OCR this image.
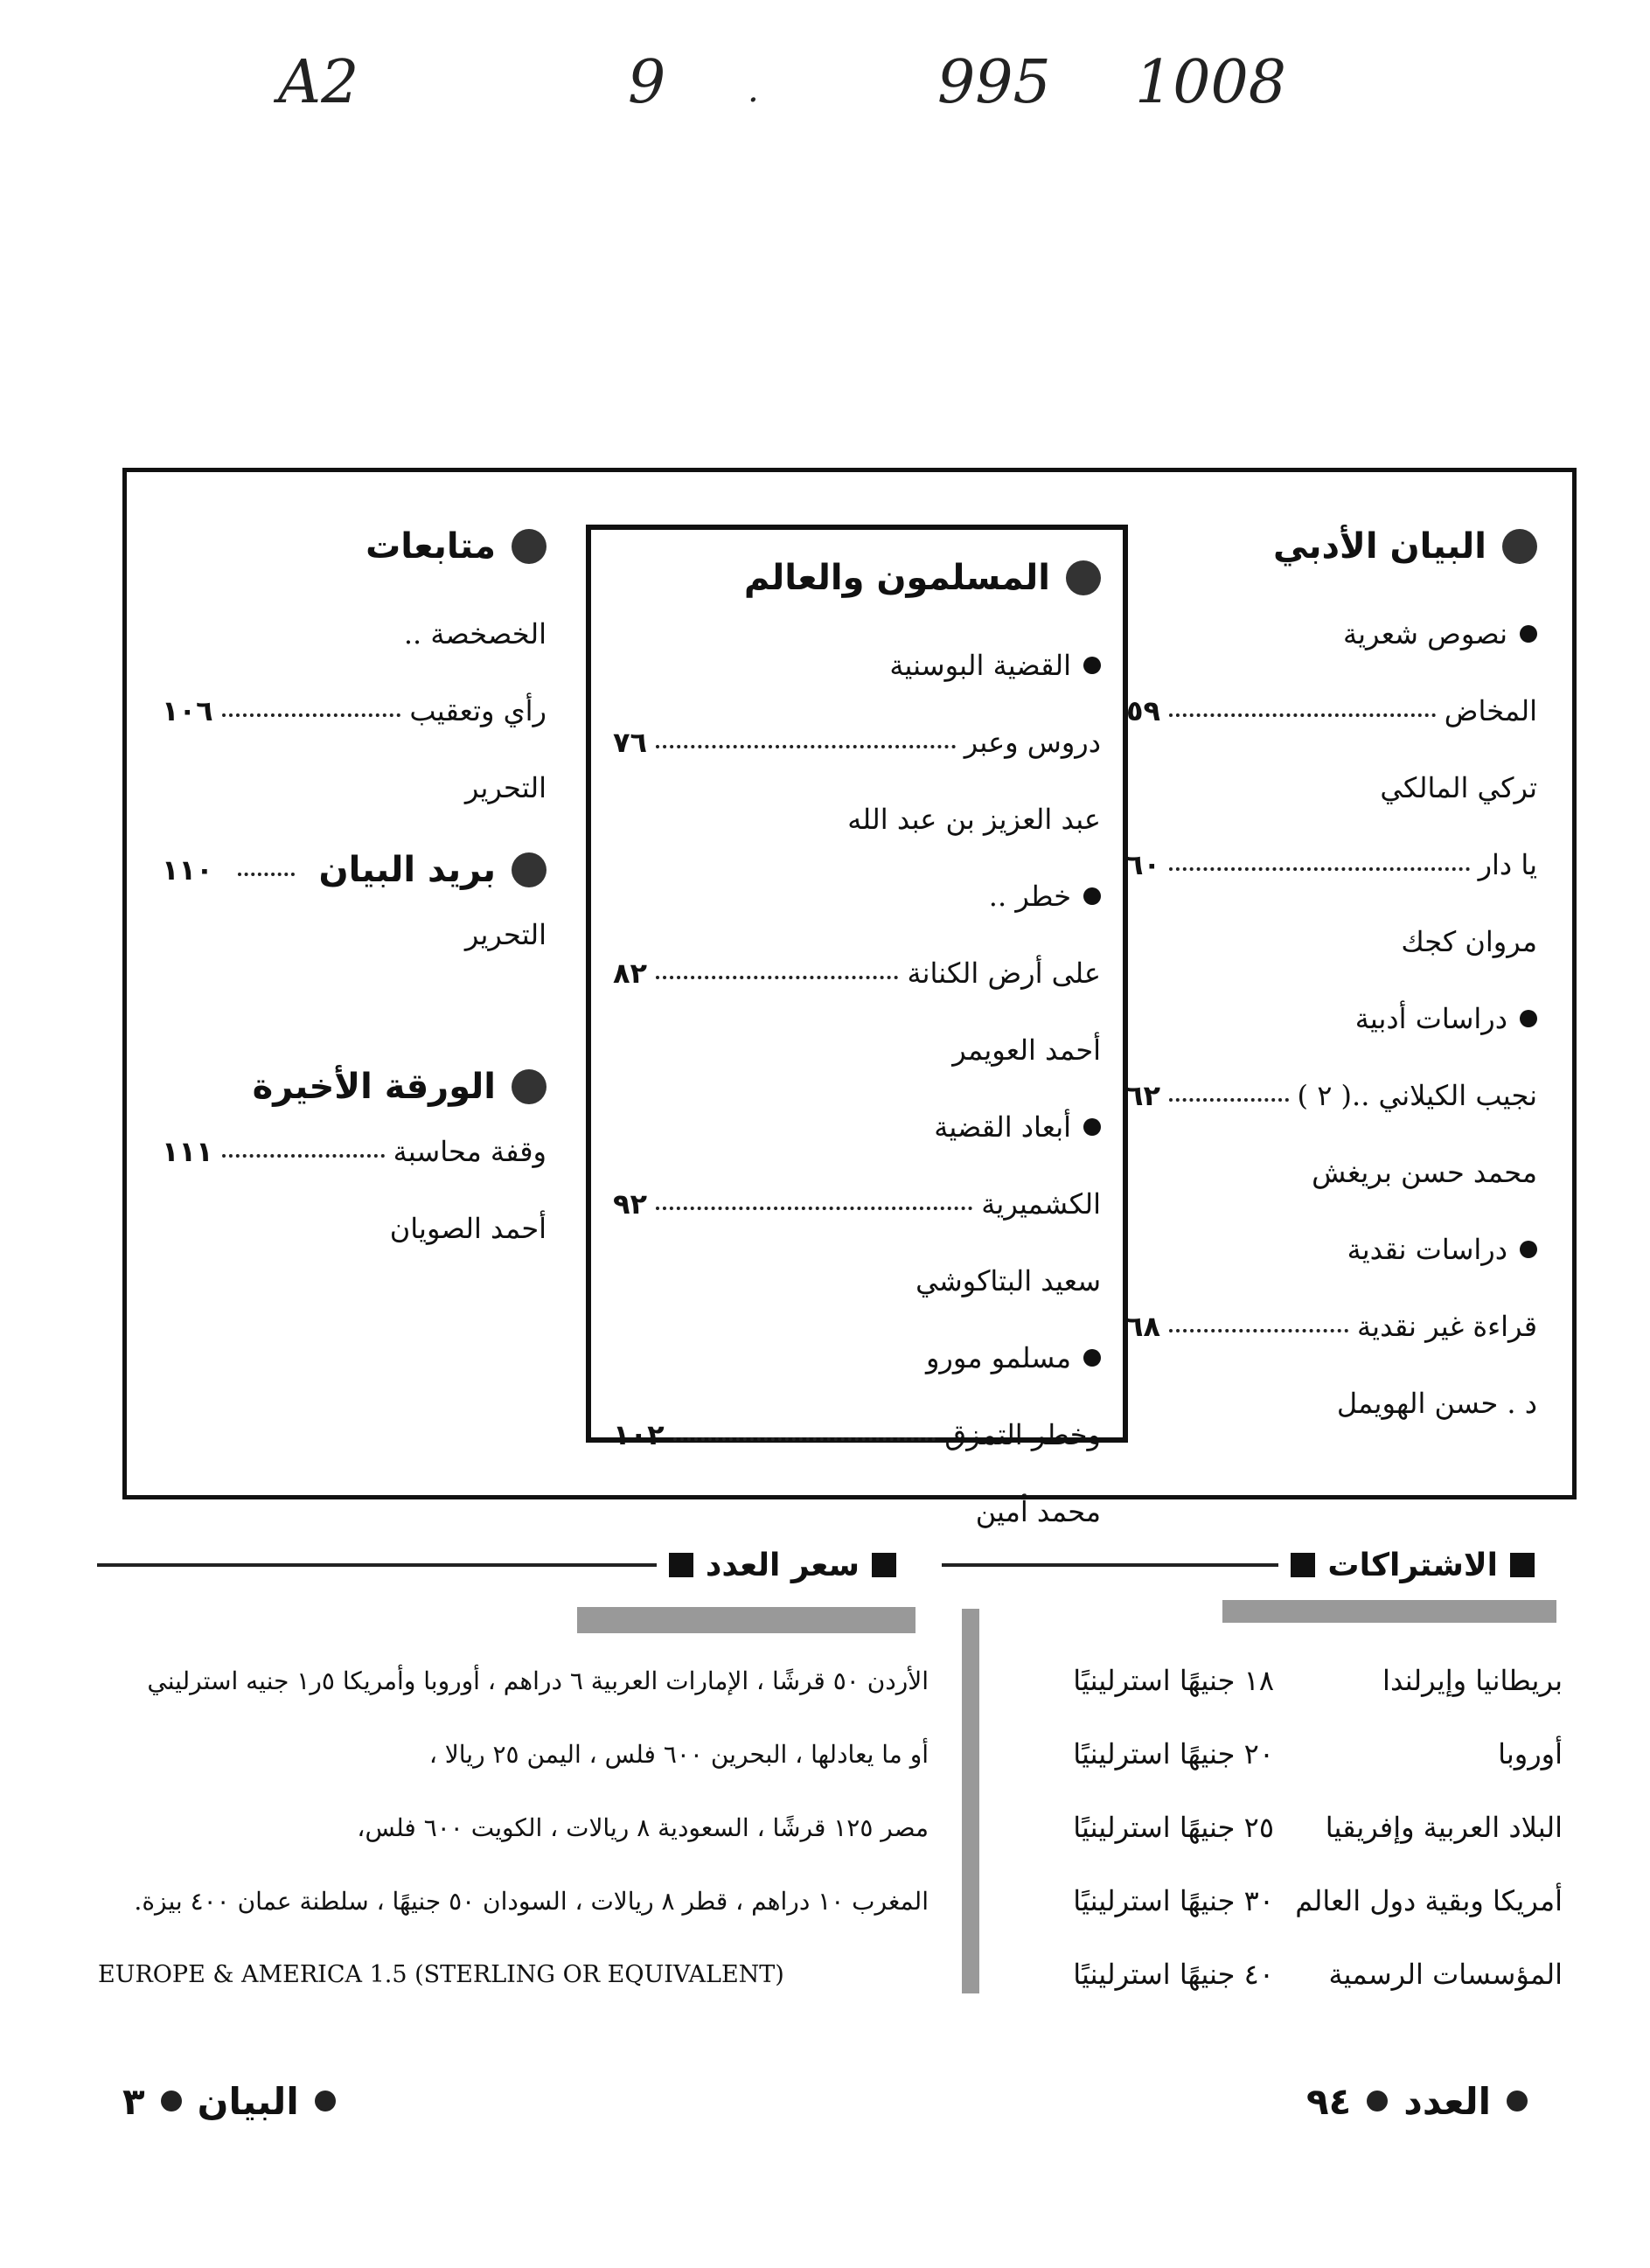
A2	9 .	995 1008
البيان الأدبي
نصوص شعرية
المخاض
٥٩
تركي المالكي
يا دار
٦٠
مروان كجك
دراسات أدبية
نجيب الكيلاني ..( ٢ )
٦٢
محمد حسن بريغش
دراسات نقدية
قراءة غير نقدية
٦٨
د . حسن الهويمل
المسلمون والعالم
القضية البوسنية
دروس وعبر
٧٦
عبد العزيز بن عبد الله
خطر ..
على أرض الكنانة
٨٢
أحمد العويمر
أبعاد القضية
الكشميرية
٩٢
سعيد البتاكوشي
مسلمو مورو
وخطر التمزق
١٠٢
محمد أمين
متابعات
الخصخصة ..
رأي وتعقيب
١٠٦
التحرير
بريد البيان
١١٠
التحرير
الورقة الأخيرة
وقفة محاسبة
١١١
أحمد الصويان
الاشتراكات
سعر العدد
بريطانيا وإيرلندا
١٨ جنيهًا استرلينيًا
أوروبا
٢٠ جنيهًا استرلينيًا
البلاد العربية وإفريقيا
٢٥ جنيهًا استرلينيًا
أمريكا وبقية دول العالم
٣٠ جنيهًا استرلينيًا
المؤسسات الرسمية
٤٠ جنيهًا استرلينيًا
الأردن ٥٠ قرشًا ، الإمارات العربية ٦ دراهم ، أوروبا وأمريكا ٥ر١ جنيه استرليني
أو ما يعادلها ، البحرين ٦٠٠ فلس ، اليمن ٢٥ ريالا ،
مصر ١٢٥ قرشًا ، السعودية ٨ ريالات ، الكويت ٦٠٠ فلس،
المغرب ١٠ دراهم ، قطر ٨ ريالات ، السودان ٥٠ جنيهًا ، سلطنة عمان ٤٠٠ بيزة.
EUROPE & AMERICA 1.5 (STERLING OR EQUIVALENT)
العدد
٩٤
البيان
٣
